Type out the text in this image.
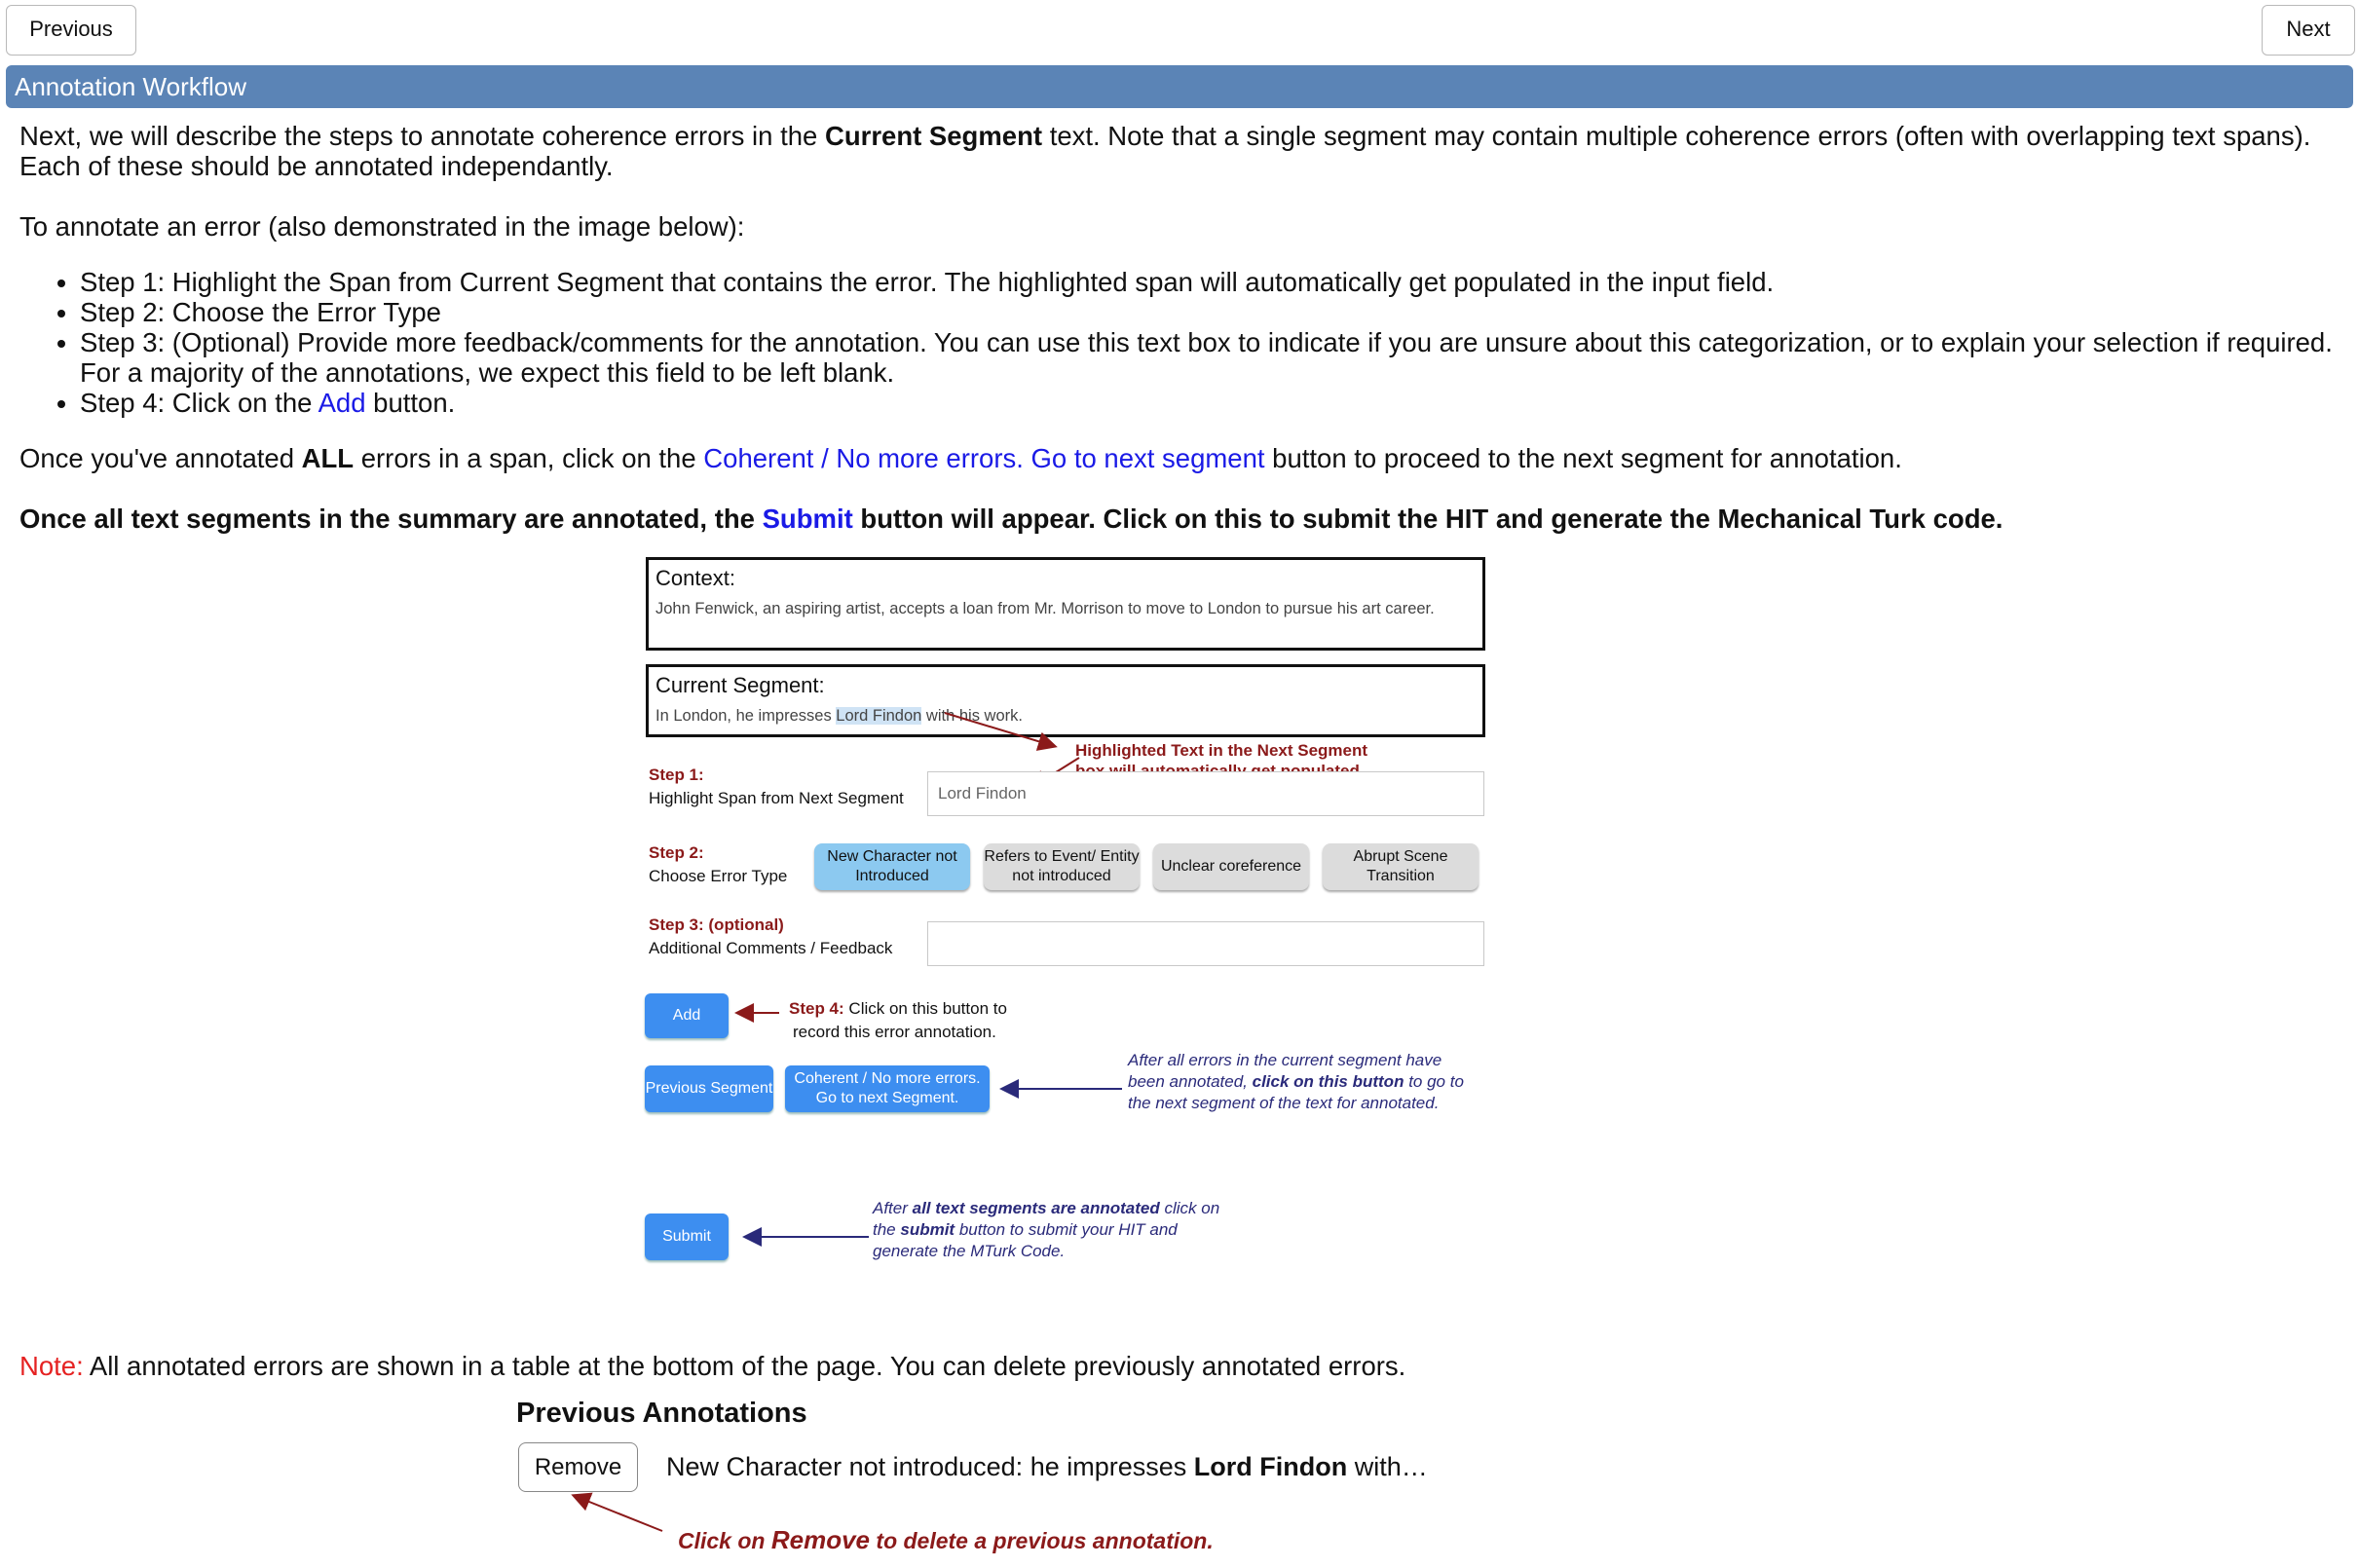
Previous	Next
Annotation Workflow

Next, we will describe the steps to annotate coherence errors in the Current Segment text. Note that a single segment may contain multiple coherence errors (often with overlapping text spans). Each of these should be annotated independantly.

To annotate an error (also demonstrated in the image below):

• Step 1: Highlight the Span from Current Segment that contains the error. The highlighted span will automatically get populated in the input field.
• Step 2: Choose the Error Type
• Step 3: (Optional) Provide more feedback/comments for the annotation. You can use this text box to indicate if you are unsure about this categorization, or to explain your selection if required. For a majority of the annotations, we expect this field to be left blank.
• Step 4: Click on the Add button.

Once you've annotated ALL errors in a span, click on the Coherent / No more errors. Go to next segment button to proceed to the next segment for annotation.

Once all text segments in the summary are annotated, the Submit button will appear. Click on this to submit the HIT and generate the Mechanical Turk code.

Context:
John Fenwick, an aspiring artist, accepts a loan from Mr. Morrison to move to London to pursue his art career.
Current Segment:
In London, he impresses Lord Findon with his work.
Highlighted Text in the Next Segment
Step 1:
Highlight Span from Next Segment	Lord Findon
Step 2:
Choose Error Type
New Character not Introduced
Refers to Event/ Entity not introduced
Unclear coreference
Abrupt Scene Transition
Step 3: (optional)
Additional Comments / Feedback
Add	Step 4: Click on this button to
record this error annotation.
Previous Segment
Coherent / No more errors. Go to next Segment.
After all errors in the current segment have been annotated, click on this button to go to the next segment of the text for annotated.
Submit
After all text segments are annotated click on the submit button to submit your HIT and generate the MTurk Code.
Note: All annotated errors are shown in a table at the bottom of the page. You can delete previously annotated errors.
Previous Annotations
Remove	New Character not introduced: he impresses Lord Findon with…
Click on Remove to delete a previous annotation.
